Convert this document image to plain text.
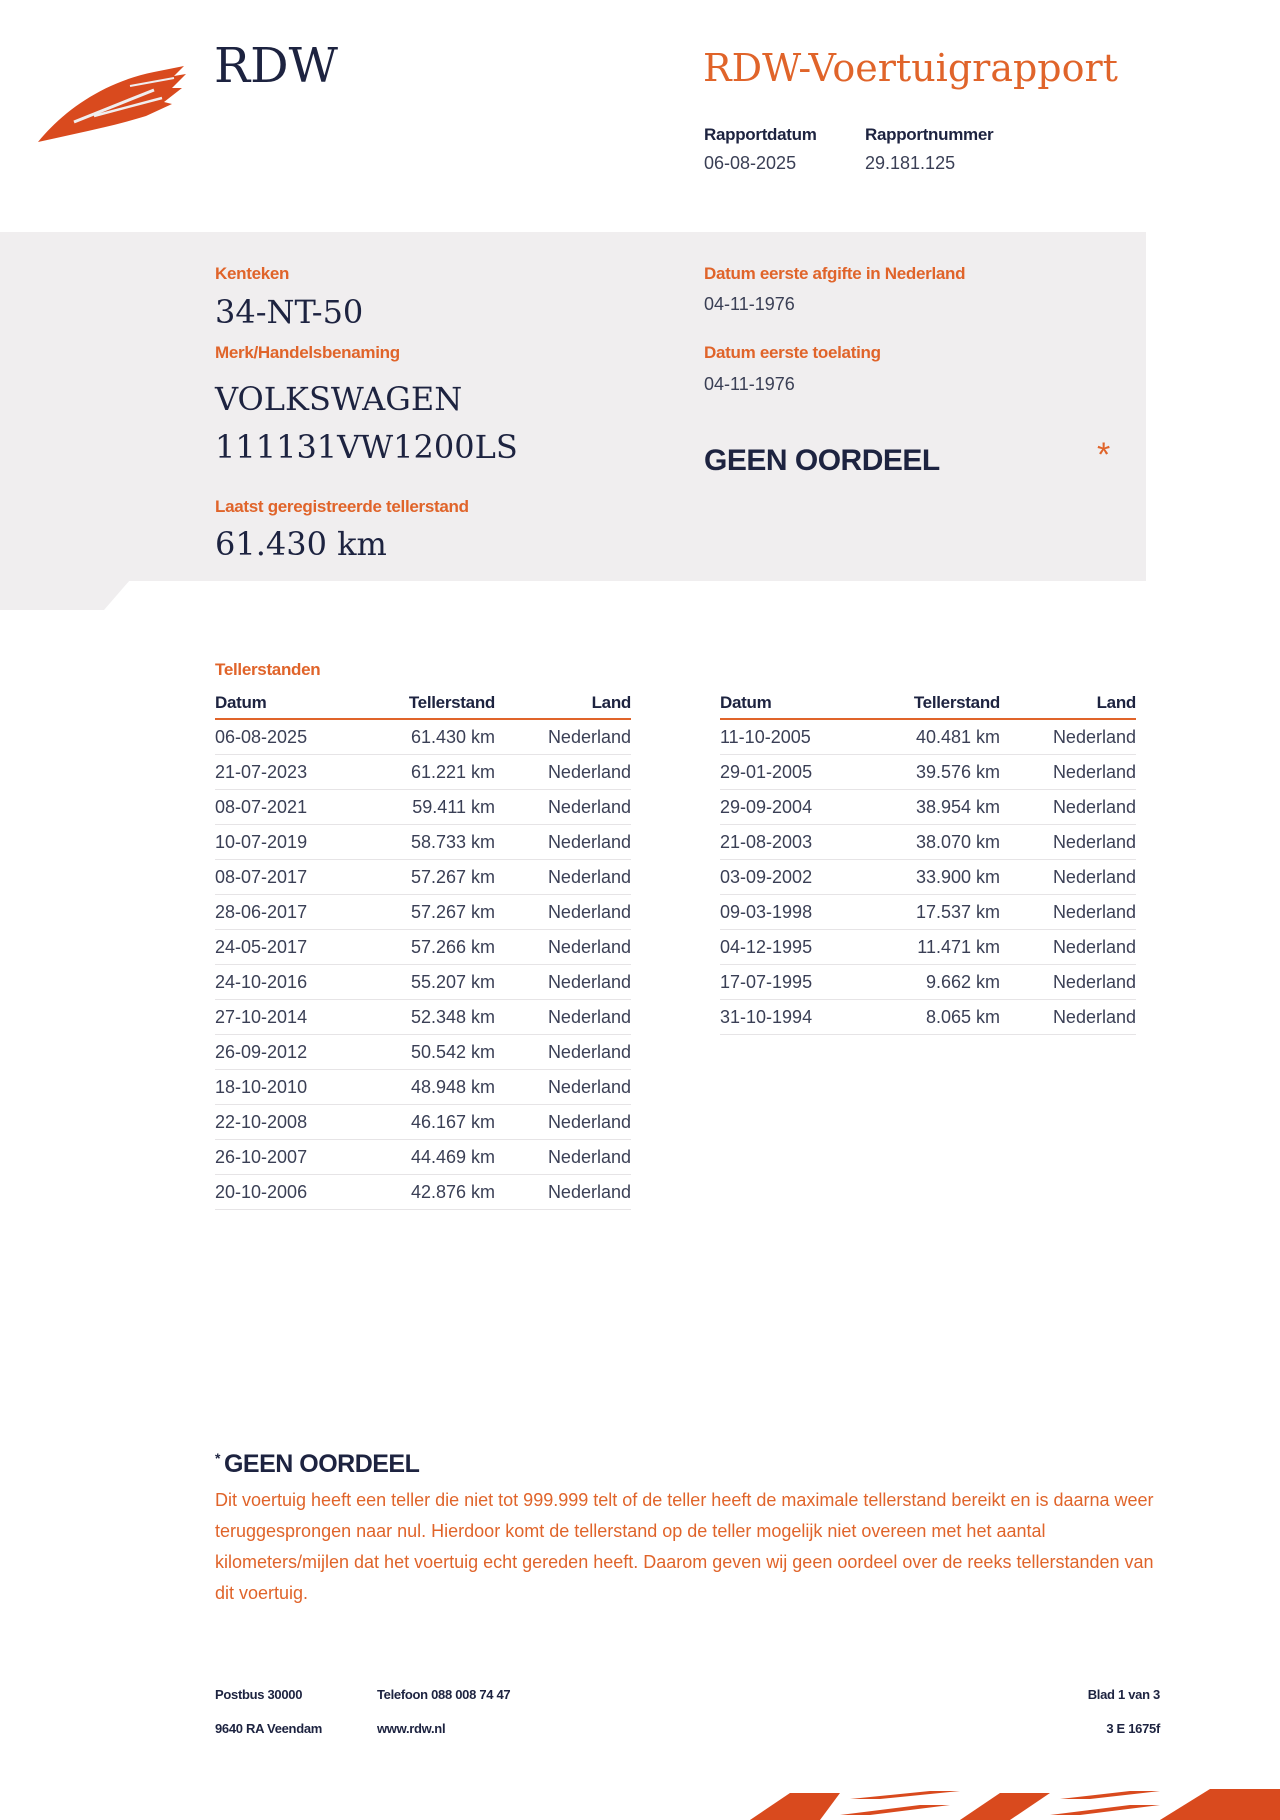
RDW	RDW-Voertuigrapport
Rapportdatum
06-08-2025
Rapportnummer
29.181.125
Kenteken
34-NT-50
Merk/Handelsbenaming
VOLKSWAGEN 111131VW1200LS
Laatst geregistreerde tellerstand
61.430 km
Datum eerste afgifte in Nederland
04-11-1976
Datum eerste toelating
04-11-1976
GEEN OORDEEL	*
Tellerstanden
Datum	Tellerstand	Land
06-08-2025	61.430 km	Nederland
21-07-2023	61.221 km	Nederland
08-07-2021	59.411 km	Nederland
10-07-2019	58.733 km	Nederland
08-07-2017	57.267 km	Nederland
28-06-2017	57.267 km	Nederland
24-05-2017	57.266 km	Nederland
24-10-2016	55.207 km	Nederland
27-10-2014	52.348 km	Nederland
26-09-2012	50.542 km	Nederland
18-10-2010	48.948 km	Nederland
22-10-2008	46.167 km	Nederland
26-10-2007	44.469 km	Nederland
20-10-2006	42.876 km	Nederland
Datum	Tellerstand	Land
11-10-2005	40.481 km	Nederland
29-01-2005	39.576 km	Nederland
29-09-2004	38.954 km	Nederland
21-08-2003	38.070 km	Nederland
03-09-2002	33.900 km	Nederland
09-03-1998	17.537 km	Nederland
04-12-1995	11.471 km	Nederland
17-07-1995	9.662 km	Nederland
31-10-1994	8.065 km	Nederland
* GEEN OORDEEL
Dit voertuig heeft een teller die niet tot 999.999 telt of de teller heeft de maximale tellerstand bereikt en is daarna weer teruggesprongen naar nul. Hierdoor komt de tellerstand op de teller mogelijk niet overeen met het aantal kilometers/mijlen dat het voertuig echt gereden heeft. Daarom geven wij geen oordeel over de reeks tellerstanden van dit voertuig.
Postbus 30000
9640 RA Veendam
Telefoon 088 008 74 47
www.rdw.nl
Blad 1 van 3
3 E 1675f
